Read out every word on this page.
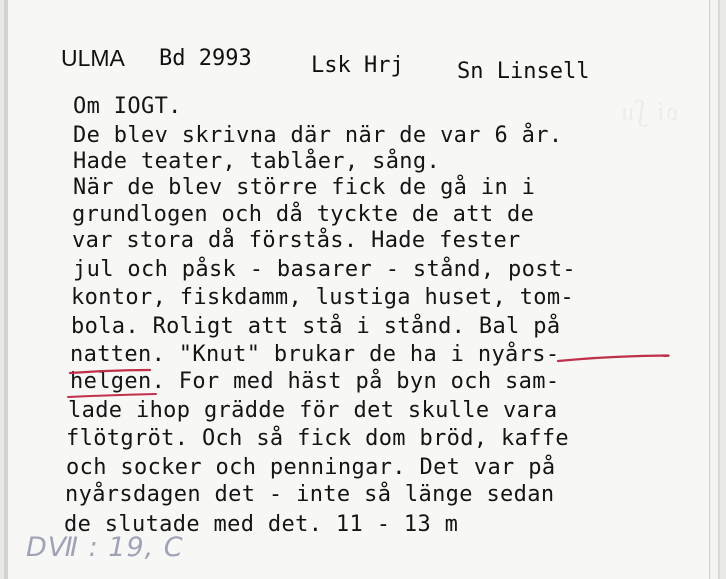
𝔬𝔦 ʃ𝔲
ULMA Bd 2993	Lsk Hrj Sn Linsell
Om IOGT.
De blev skrivna där när de var 6 år.
Hade teater, tablåer, sång.
När de blev större fick de gå in i
grundlogen och då tyckte de att de
var stora då förstås. Hade fester
jul och påsk - basarer - stånd, post-
kontor, fiskdamm, lustiga huset, tom-
bola. Roligt att stå i stånd. Bal på
natten. "Knut" brukar de ha i nyårs-
helgen. For med häst på byn och sam-
lade ihop grädde för det skulle vara
flötgröt. Och så fick dom bröd, kaffe
och socker och penningar. Det var på
nyårsdagen det - inte så länge sedan
de slutade med det. 11 - 13 m
DⅦ : 19, C
